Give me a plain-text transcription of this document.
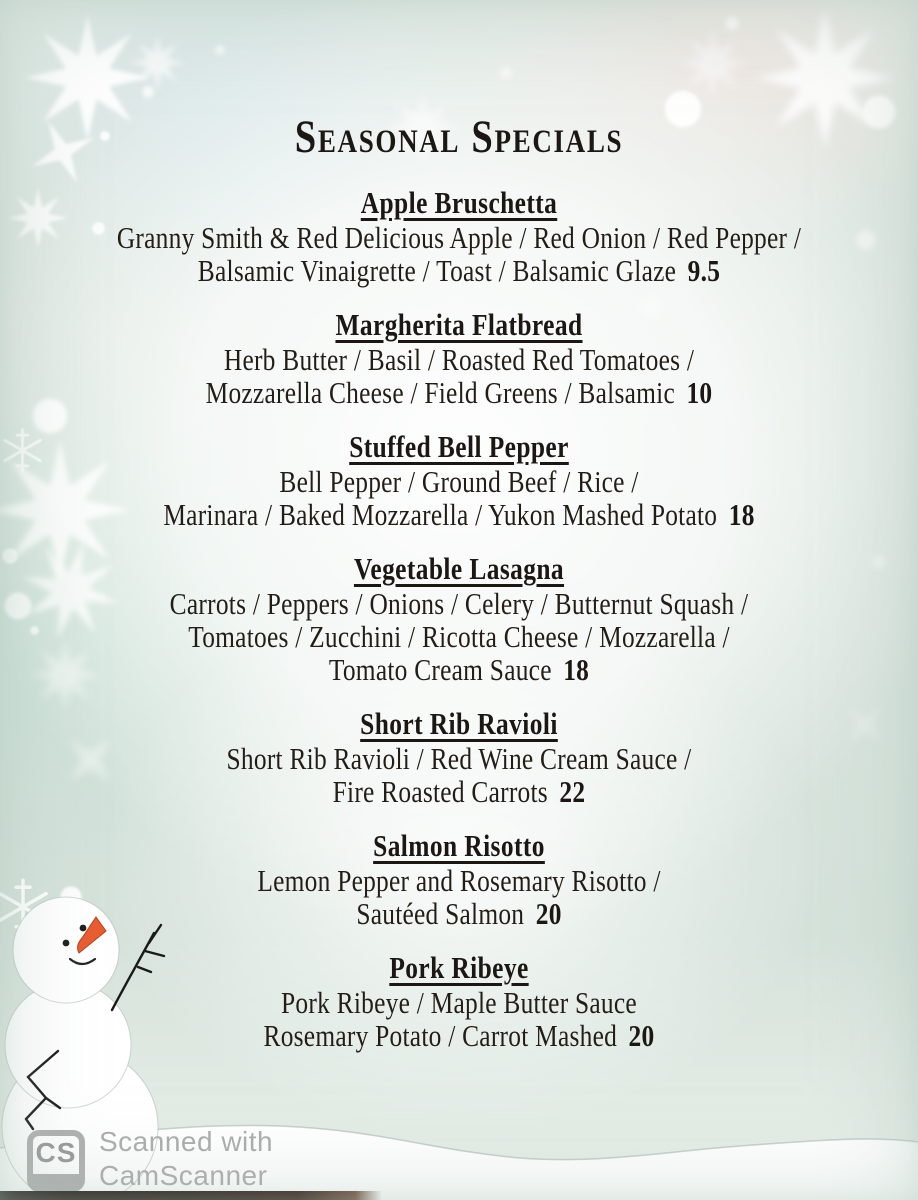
Seasonal Specials
Apple Bruschetta
Granny Smith & Red Delicious Apple / Red Onion / Red Pepper /
Balsamic Vinaigrette / Toast / Balsamic Glaze 9.5
Margherita Flatbread
Herb Butter / Basil / Roasted Red Tomatoes /
Mozzarella Cheese / Field Greens / Balsamic 10
Stuffed Bell Pepper
Bell Pepper / Ground Beef / Rice /
Marinara / Baked Mozzarella / Yukon Mashed Potato 18
Vegetable Lasagna
Carrots / Peppers / Onions / Celery / Butternut Squash /
Tomatoes / Zucchini / Ricotta Cheese / Mozzarella /
Tomato Cream Sauce 18
Short Rib Ravioli
Short Rib Ravioli / Red Wine Cream Sauce /
Fire Roasted Carrots 22
Salmon Risotto
Lemon Pepper and Rosemary Risotto /
Sautéed Salmon 20
Pork Ribeye
Pork Ribeye / Maple Butter Sauce
Rosemary Potato / Carrot Mashed 20
CS Scanned with
CamScanner
